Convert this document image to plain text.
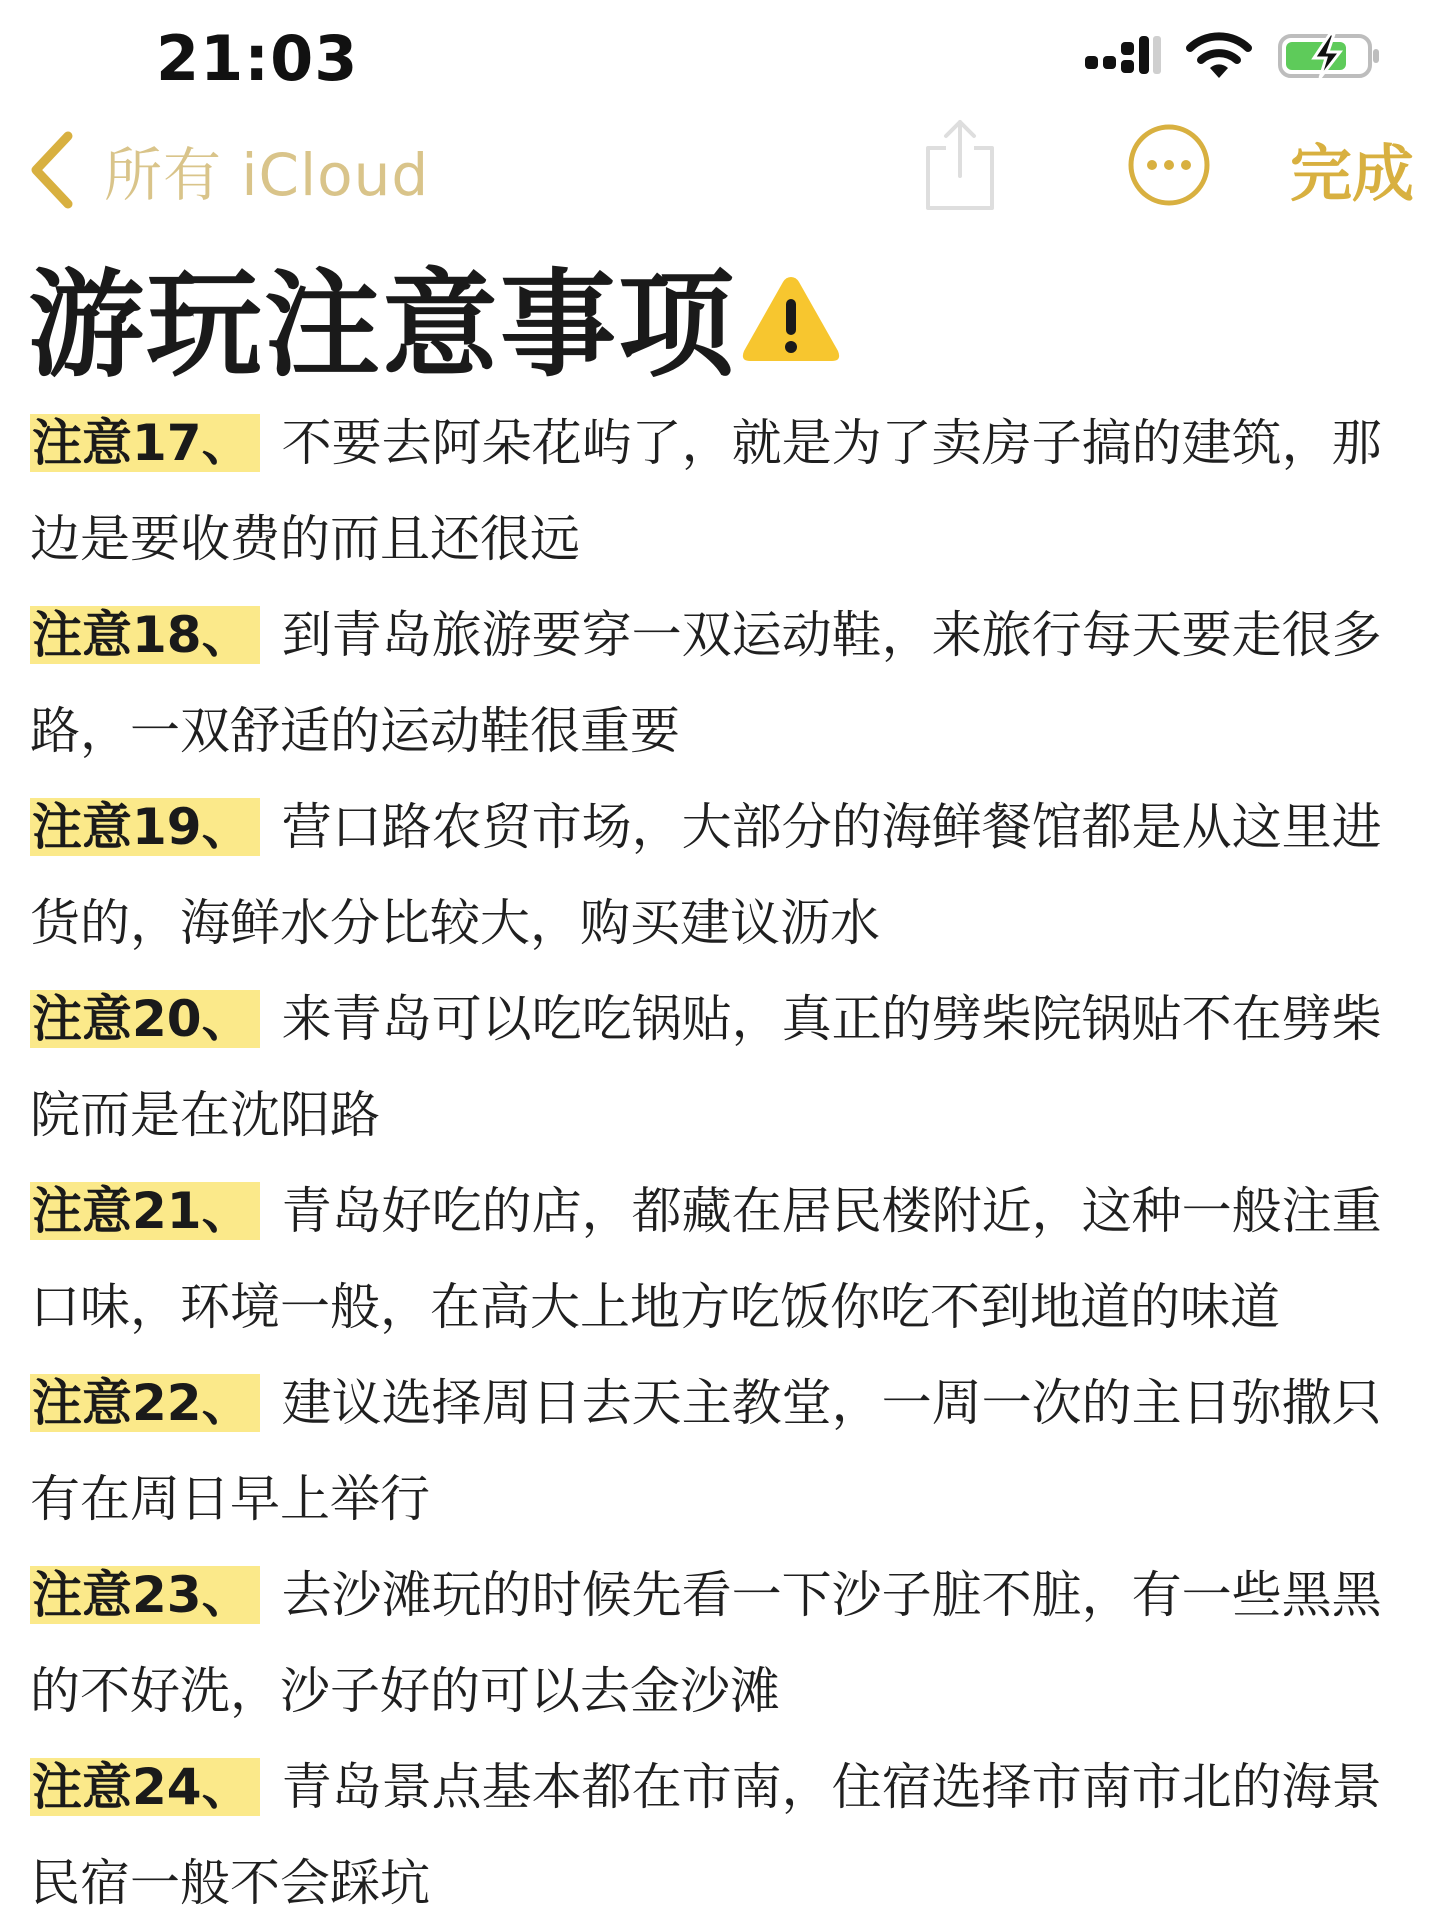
21:03
所有 iCloud	完成
游玩注意事项

注意17、 不要去阿朵花屿了，就是为了卖房子搞的建筑，那边是要收费的而且还很远

注意18、 到青岛旅游要穿一双运动鞋，来旅行每天要走很多路，一双舒适的运动鞋很重要

注意19、 营口路农贸市场，大部分的海鲜餐馆都是从这里进货的，海鲜水分比较大，购买建议沥水

注意20、 来青岛可以吃吃锅贴，真正的劈柴院锅贴不在劈柴院而是在沈阳路

注意21、 青岛好吃的店，都藏在居民楼附近，这种一般注重口味，环境一般，在高大上地方吃饭你吃不到地道的味道

注意22、 建议选择周日去天主教堂，一周一次的主日弥撒只有在周日早上举行

注意23、 去沙滩玩的时候先看一下沙子脏不脏，有一些黑黑的不好洗，沙子好的可以去金沙滩

注意24、 青岛景点基本都在市南，住宿选择市南市北的海景民宿一般不会踩坑
